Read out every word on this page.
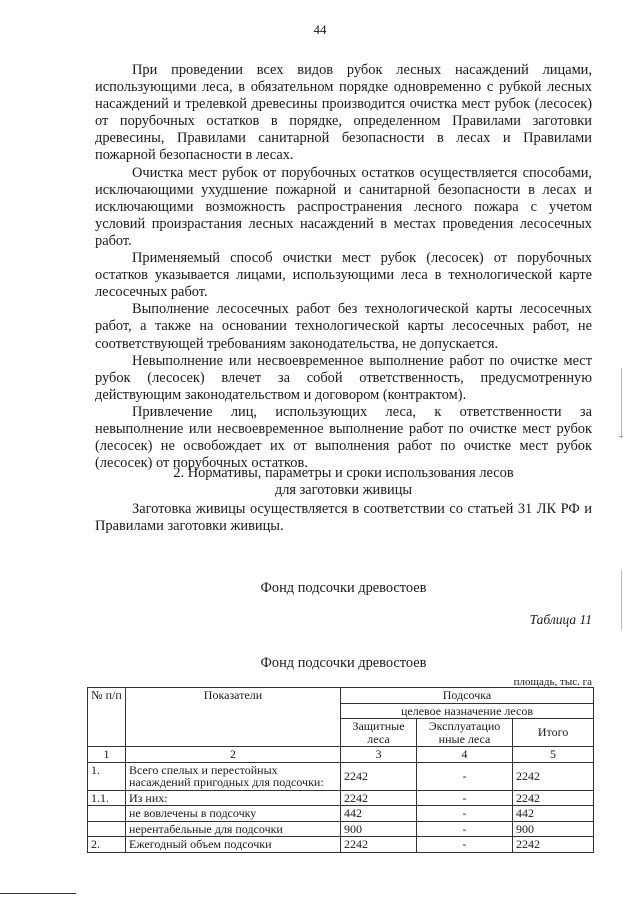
44

При проведении всех видов рубок лесных насаждений лицами, использующими леса, в обязательном порядке одновременно с рубкой лесных насаждений и трелевкой древесины производится очистка мест рубок (лесосек) от порубочных остатков в порядке, определенном Правилами заготовки древесины, Правилами санитарной безопасности в лесах и Правилами пожарной безопасности в лесах.

Очистка мест рубок от порубочных остатков осуществляется способами, исключающими ухудшение пожарной и санитарной безопасности в лесах и исключающими возможность распространения лесного пожара с учетом условий произрастания лесных насаждений в местах проведения лесосечных работ.

Применяемый способ очистки мест рубок (лесосек) от порубочных остатков указывается лицами, использующими леса в технологической карте лесосечных работ.

Выполнение лесосечных работ без технологической карты лесосечных работ, а также на основании технологической карты лесосечных работ, не соответствующей требованиям законодательства, не допускается.

Невыполнение или несвоевременное выполнение работ по очистке мест рубок (лесосек) влечет за собой ответственность, предусмотренную действующим законодательством и договором (контрактом).

Привлечение лиц, использующих леса, к ответственности за невыполнение или несвоевременное выполнение работ по очистке мест рубок (лесосек) не освобождает их от выполнения работ по очистке мест рубок (лесосек) от порубочных остатков.

2. Нормативы, параметры и сроки использования лесов
для заготовки живицы
Заготовка живицы осуществляется в соответствии со статьей 31 ЛК РФ и Правилами заготовки живицы.
Фонд подсочки древостоев
Таблица 11
Фонд подсочки древостоев
площадь, тыс. га
№ п/п	Показатели	Подсочка		
		целевое назначение лесов		
		Защитные леса	Эксплуатацио нные леса	Итого
1	2	3	4	5
1.	Всего спелых и перестойных насаждений пригодных для подсочки:	2242	-	2242
1.1.	Из них:	2242	-	2242
	не вовлечены в подсочку	442	-	442
	нерентабельные для подсочки	900	-	900
2.	Ежегодный объем подсочки	2242	-	2242
